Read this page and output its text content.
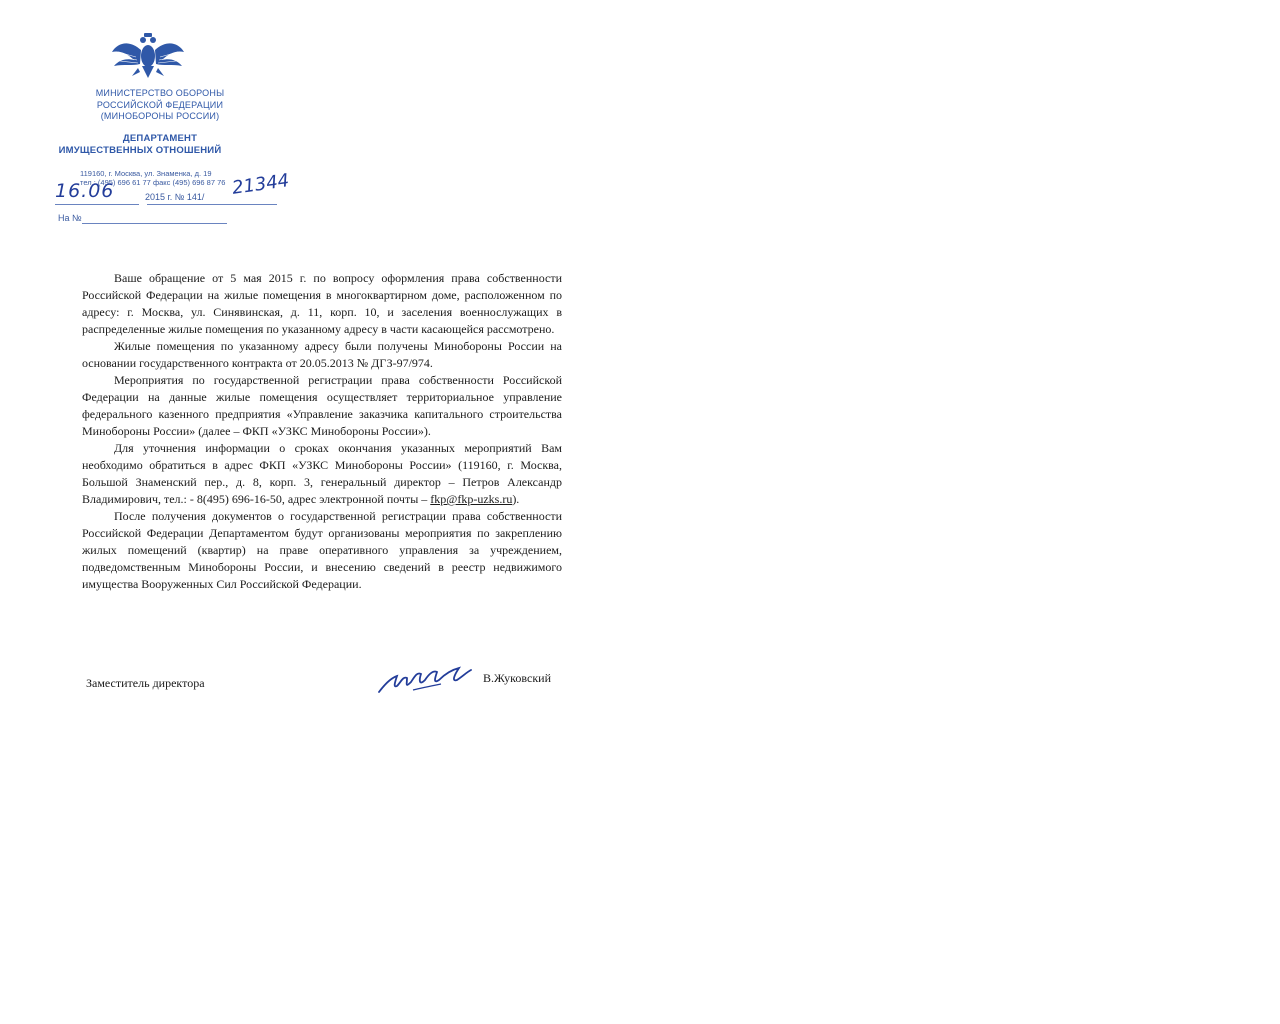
МИНИСТЕРСТВО ОБОРОНЫ
РОССИЙСКОЙ ФЕДЕРАЦИИ
(МИНОБОРОНЫ РОССИИ)
ДЕПАРТАМЕНТ
ИМУЩЕСТВЕННЫХ ОТНОШЕНИЙ
119160, г. Москва, ул. Знаменка, д. 19
тел.: (495) 696 61 77 факс (495) 696 87 76
16.06	2015 г. № 141/ 21344
На №

Ваше обращение от 5 мая 2015 г. по вопросу оформления права собственности Российской Федерации на жилые помещения в многоквартирном доме, расположенном по адресу: г. Москва, ул. Синявинская, д. 11, корп. 10, и заселения военнослужащих в распределенные жилые помещения по указанному адресу в части касающейся рассмотрено.

Жилые помещения по указанному адресу были получены Минобороны России на основании государственного контракта от 20.05.2013 № ДГЗ-97/974.

Мероприятия по государственной регистрации права собственности Российской Федерации на данные жилые помещения осуществляет территориальное управление федерального казенного предприятия «Управление заказчика капитального строительства Минобороны России» (далее – ФКП «УЗКС Минобороны России»).

Для уточнения информации о сроках окончания указанных мероприятий Вам необходимо обратиться в адрес ФКП «УЗКС Минобороны России» (119160, г. Москва, Большой Знаменский пер., д. 8, корп. 3, генеральный директор – Петров Александр Владимирович, тел.: - 8(495) 696-16-50, адрес электронной почты – fkp@fkp-uzks.ru).

После получения документов о государственной регистрации права собственности Российской Федерации Департаментом будут организованы мероприятия по закреплению жилых помещений (квартир) на праве оперативного управления за учреждением, подведомственным Минобороны России, и внесению сведений в реестр недвижимого имущества Вооруженных Сил Российской Федерации.

Заместитель директора	В.Жуковский
